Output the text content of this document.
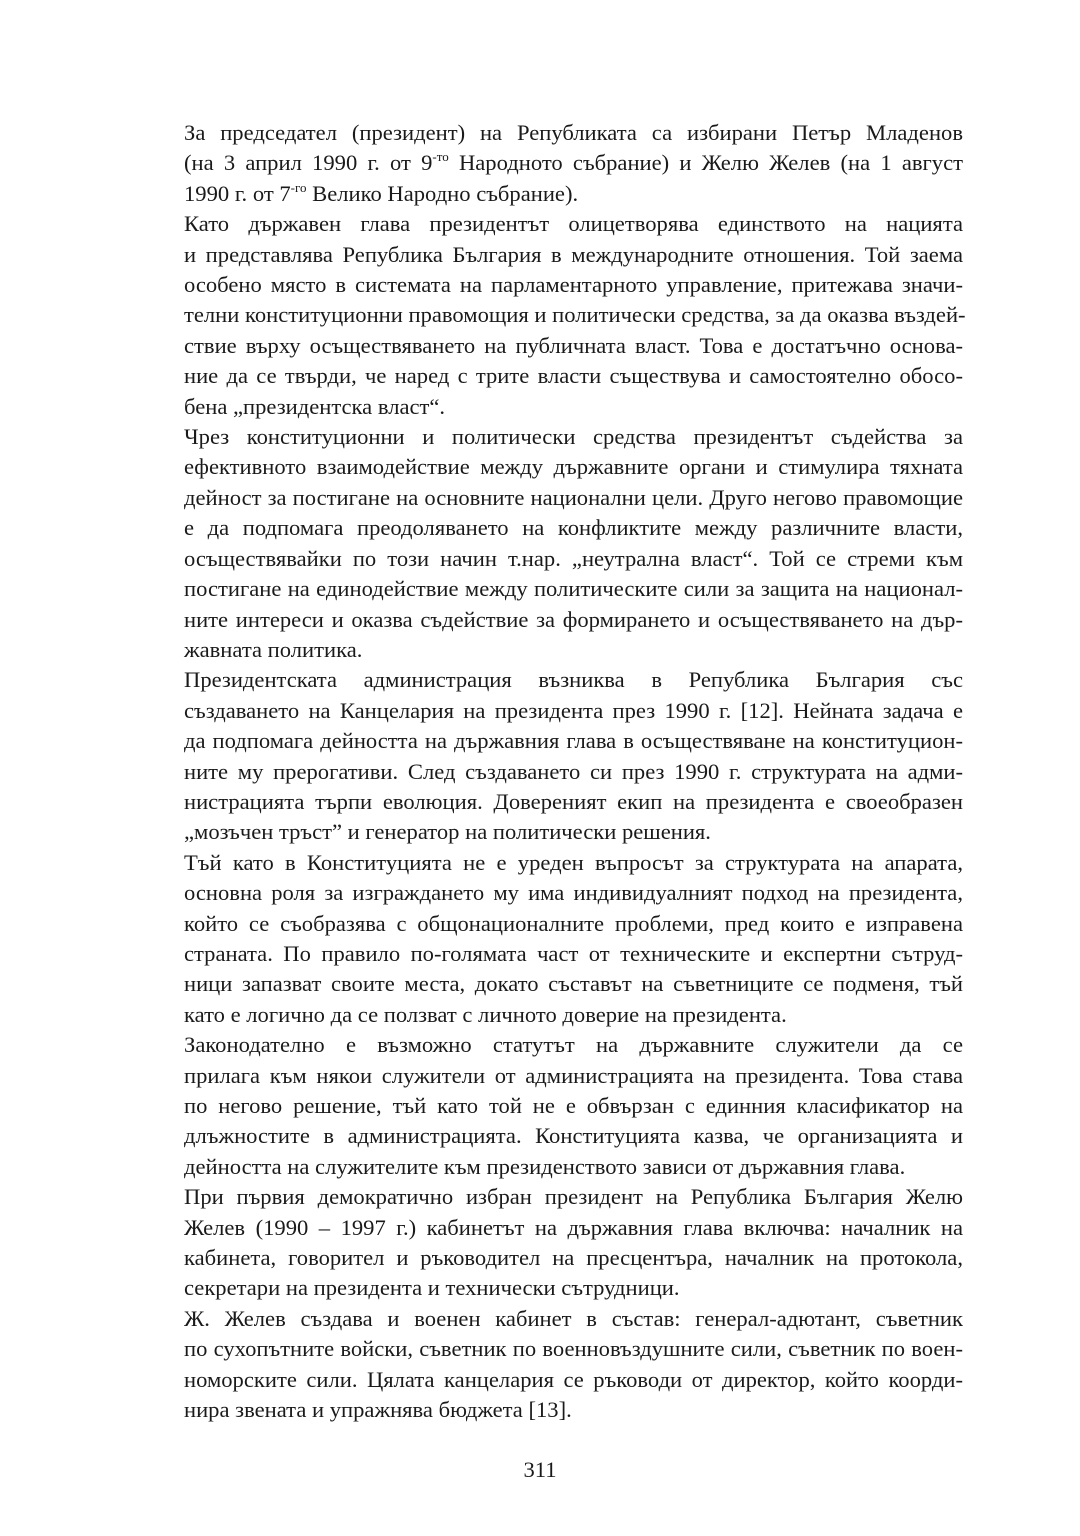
За председател (президент) на Републиката са избирани Петър Младенов
(на 3 април 1990 г. от $9^{-то}$ Народното събрание) и Желю Желев (на 1 август
1990 г. от $7^{-го}$ Велико Народно събрание).

Като държавен глава президентът олицетворява единството на нацията
и представлява Република България в международните отношения. Той заема
особено място в системата на парламентарното управление, притежава значи-
телни конституционни правомощия и политически средства, за да оказва въздей-
ствие върху осъществяването на публичната власт. Това е достатъчно основа-
ние да се твърди, че наред с трите власти съществува и самостоятелно обосо-
бена „президентска власт“.

Чрез конституционни и политически средства президентът съдейства за
ефективното взаимодействие между държавните органи и стимулира тяхната
дейност за постигане на основните национални цели. Друго негово правомощие
е да подпомага преодоляването на конфликтите между различните власти,
осъществявайки по този начин т.нар. „неутрална власт“. Той се стреми към
постигане на единодействие между политическите сили за защита на национал-
ните интереси и оказва съдействие за формирането и осъществяването на дър-
жавната политика.

Президентската администрация възниква в Република България със
създаването на Канцелария на президента през 1990 г. [12]. Нейната задача е
да подпомага дейността на държавния глава в осъществяване на конституцион-
ните му прерогативи. След създаването си през 1990 г. структурата на адми-
нистрацията търпи еволюция. Довереният екип на президента е своеобразен
„мозъчен тръст” и генератор на политически решения.

Тъй като в Конституцията не е уреден въпросът за структурата на апарата,
основна роля за изграждането му има индивидуалният подход на президента,
който се съобразява с общонационалните проблеми, пред които е изправена
страната. По правило по-голямата част от техническите и експертни сътруд-
ници запазват своите места, докато съставът на съветниците се подменя, тъй
като е логично да се ползват с личното доверие на президента.

Законодателно е възможно статутът на държавните служители да се
прилага към някои служители от администрацията на президента. Това става
по негово решение, тъй като той не е обвързан с единния класификатор на
длъжностите в администрацията. Конституцията казва, че организацията и
дейността на служителите към президенството зависи от държавния глава.

При първия демократично избран президент на Република България Желю
Желев (1990 – 1997 г.) кабинетът на държавния глава включва: началник на
кабинета, говорител и ръководител на пресцентъра, началник на протокола,
секретари на президента и технически сътрудници.

Ж. Желев създава и военен кабинет в състав: генерал-адютант, съветник
по сухопътните войски, съветник по военновъздушните сили, съветник по воен-
номорските сили. Цялата канцелария се ръководи от директор, който коорди-
нира звената и упражнява бюджета [13].

311
